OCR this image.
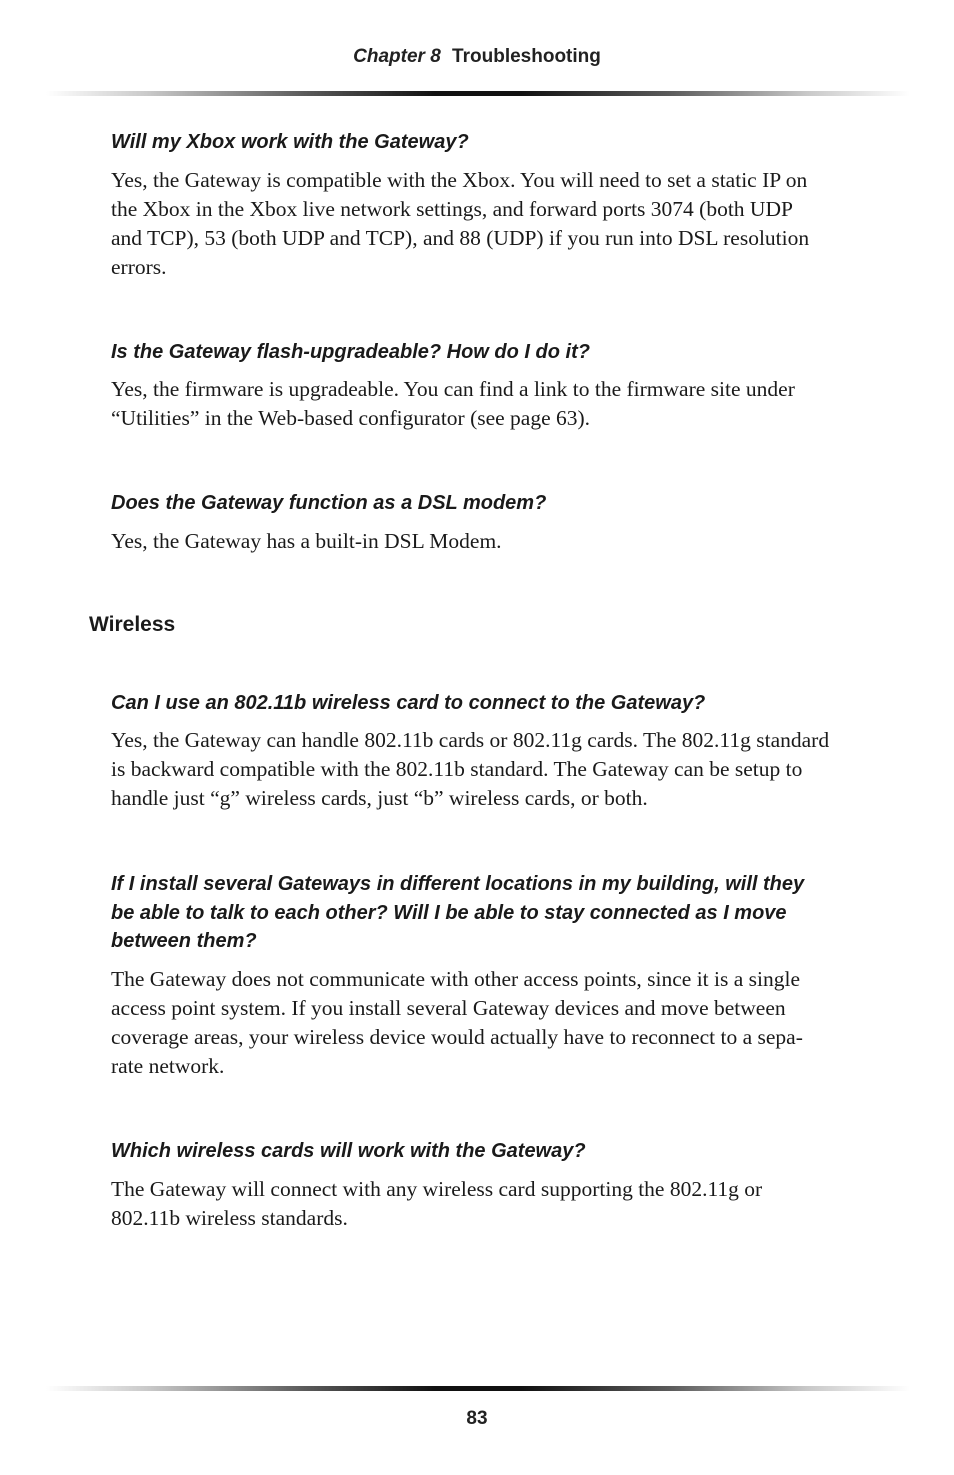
Chapter 8 Troubleshooting
Will my Xbox work with the Gateway?

Yes, the Gateway is compatible with the Xbox. You will need to set a static IP on

the Xbox in the Xbox live network settings, and forward ports 3074 (both UDP

and TCP), 53 (both UDP and TCP), and 88 (UDP) if you run into DSL resolution

errors.

Is the Gateway flash-upgradeable? How do I do it?

Yes, the firmware is upgradeable. You can find a link to the firmware site under

“Utilities” in the Web-based configurator (see page 63).

Does the Gateway function as a DSL modem?

Yes, the Gateway has a built-in DSL Modem.

Wireless
Can I use an 802.11b wireless card to connect to the Gateway?

Yes, the Gateway can handle 802.11b cards or 802.11g cards. The 802.11g standard

is backward compatible with the 802.11b standard. The Gateway can be setup to

handle just “g” wireless cards, just “b” wireless cards, or both.

If I install several Gateways in different locations in my building, will they
be able to talk to each other? Will I be able to stay connected as I move
between them?

The Gateway does not communicate with other access points, since it is a single

access point system. If you install several Gateway devices and move between

coverage areas, your wireless device would actually have to reconnect to a sepa-

rate network.

Which wireless cards will work with the Gateway?

The Gateway will connect with any wireless card supporting the 802.11g or

802.11b wireless standards.

83
